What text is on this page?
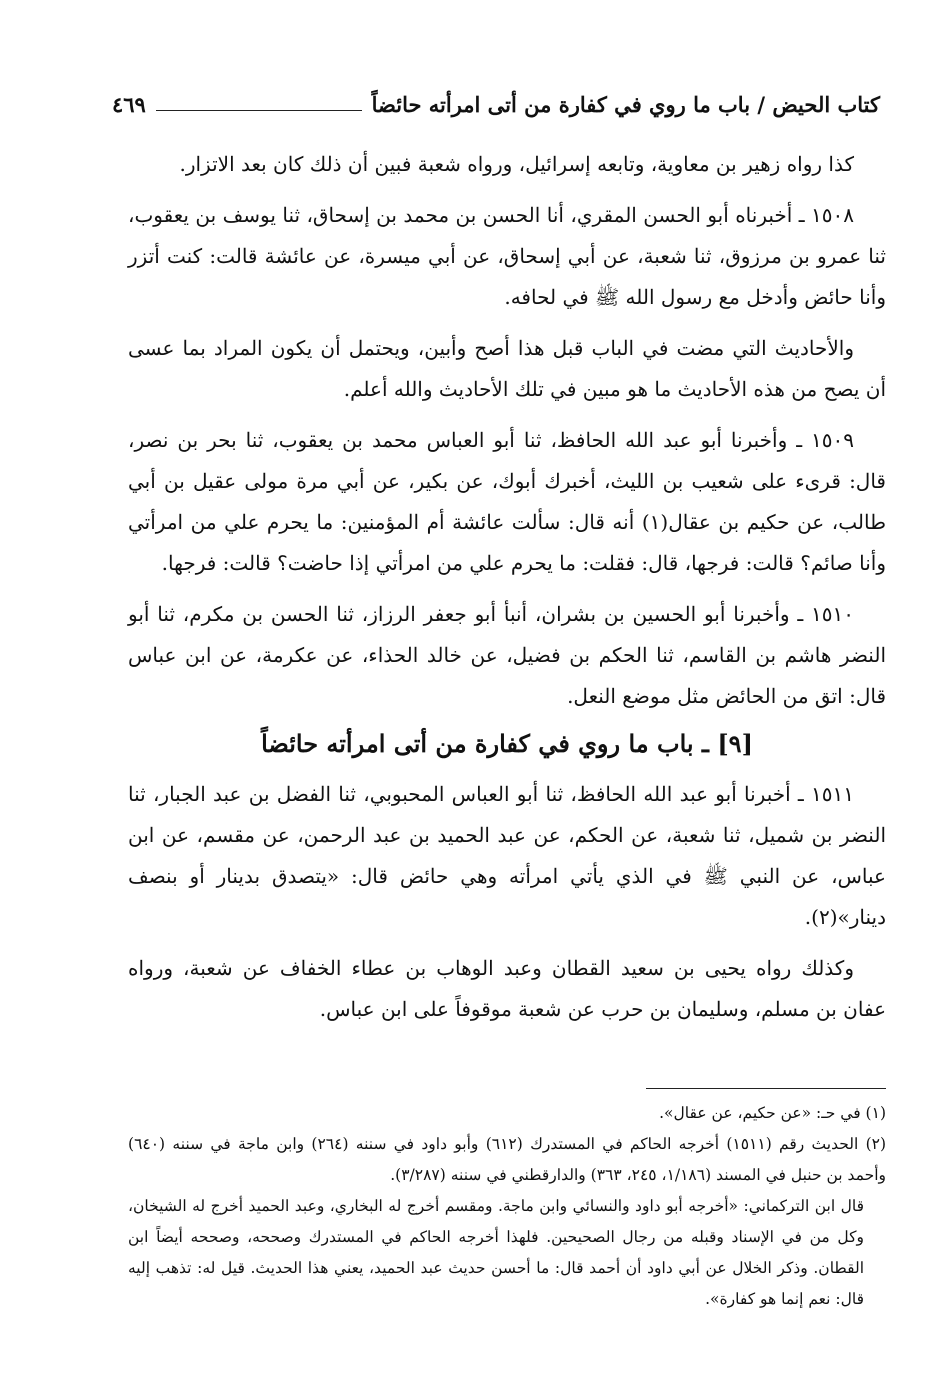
كتاب الحيض / باب ما روي في كفارة من أتى امرأته حائضاً
٤٦٩

كذا رواه زهير بن معاوية، وتابعه إسرائيل، ورواه شعبة فبين أن ذلك كان بعد الاتزار.

١٥٠٨ ـ أخبرناه أبو الحسن المقري، أنا الحسن بن محمد بن إسحاق، ثنا يوسف بن يعقوب، ثنا عمرو بن مرزوق، ثنا شعبة، عن أبي إسحاق، عن أبي ميسرة، عن عائشة قالت: كنت أتزر وأنا حائض وأدخل مع رسول الله ﷺ في لحافه.

والأحاديث التي مضت في الباب قبل هذا أصح وأبين، ويحتمل أن يكون المراد بما عسى أن يصح من هذه الأحاديث ما هو مبين في تلك الأحاديث والله أعلم.

١٥٠٩ ـ وأخبرنا أبو عبد الله الحافظ، ثنا أبو العباس محمد بن يعقوب، ثنا بحر بن نصر، قال: قرىء على شعيب بن الليث، أخبرك أبوك، عن بكير، عن أبي مرة مولى عقيل بن أبي طالب، عن حكيم بن عقال(١) أنه قال: سألت عائشة أم المؤمنين: ما يحرم علي من امرأتي وأنا صائم؟ قالت: فرجها، قال: فقلت: ما يحرم علي من امرأتي إذا حاضت؟ قالت: فرجها.

١٥١٠ ـ وأخبرنا أبو الحسين بن بشران، أنبأ أبو جعفر الرزاز، ثنا الحسن بن مكرم، ثنا أبو النضر هاشم بن القاسم، ثنا الحكم بن فضيل، عن خالد الحذاء، عن عكرمة، عن ابن عباس قال: اتق من الحائض مثل موضع النعل.

[٩] ـ باب ما روي في كفارة من أتى امرأته حائضاً

١٥١١ ـ أخبرنا أبو عبد الله الحافظ، ثنا أبو العباس المحبوبي، ثنا الفضل بن عبد الجبار، ثنا النضر بن شميل، ثنا شعبة، عن الحكم، عن عبد الحميد بن عبد الرحمن، عن مقسم، عن ابن عباس، عن النبي ﷺ في الذي يأتي امرأته وهي حائض قال: «يتصدق بدينار أو بنصف دينار»(٢).

وكذلك رواه يحيى بن سعيد القطان وعبد الوهاب بن عطاء الخفاف عن شعبة، ورواه عفان بن مسلم، وسليمان بن حرب عن شعبة موقوفاً على ابن عباس.

(١) في حـ: «عن حكيم، عن عقال».

(٢) الحديث رقم (١٥١١) أخرجه الحاكم في المستدرك (٦١٢) وأبو داود في سننه (٢٦٤) وابن ماجة في سننه (٦٤٠) وأحمد بن حنبل في المسند (١/١٨٦، ٢٤٥، ٣٦٣) والدارقطني في سننه (٣/٢٨٧).

قال ابن التركماني: «أخرجه أبو داود والنسائي وابن ماجة. ومقسم أخرج له البخاري، وعبد الحميد أخرج له الشيخان، وكل من في الإسناد وقبله من رجال الصحيحين. فلهذا أخرجه الحاكم في المستدرك وصححه، وصححه أيضاً ابن القطان. وذكر الخلال عن أبي داود أن أحمد قال: ما أحسن حديث عبد الحميد، يعني هذا الحديث. قيل له: تذهب إليه قال: نعم إنما هو كفارة».
